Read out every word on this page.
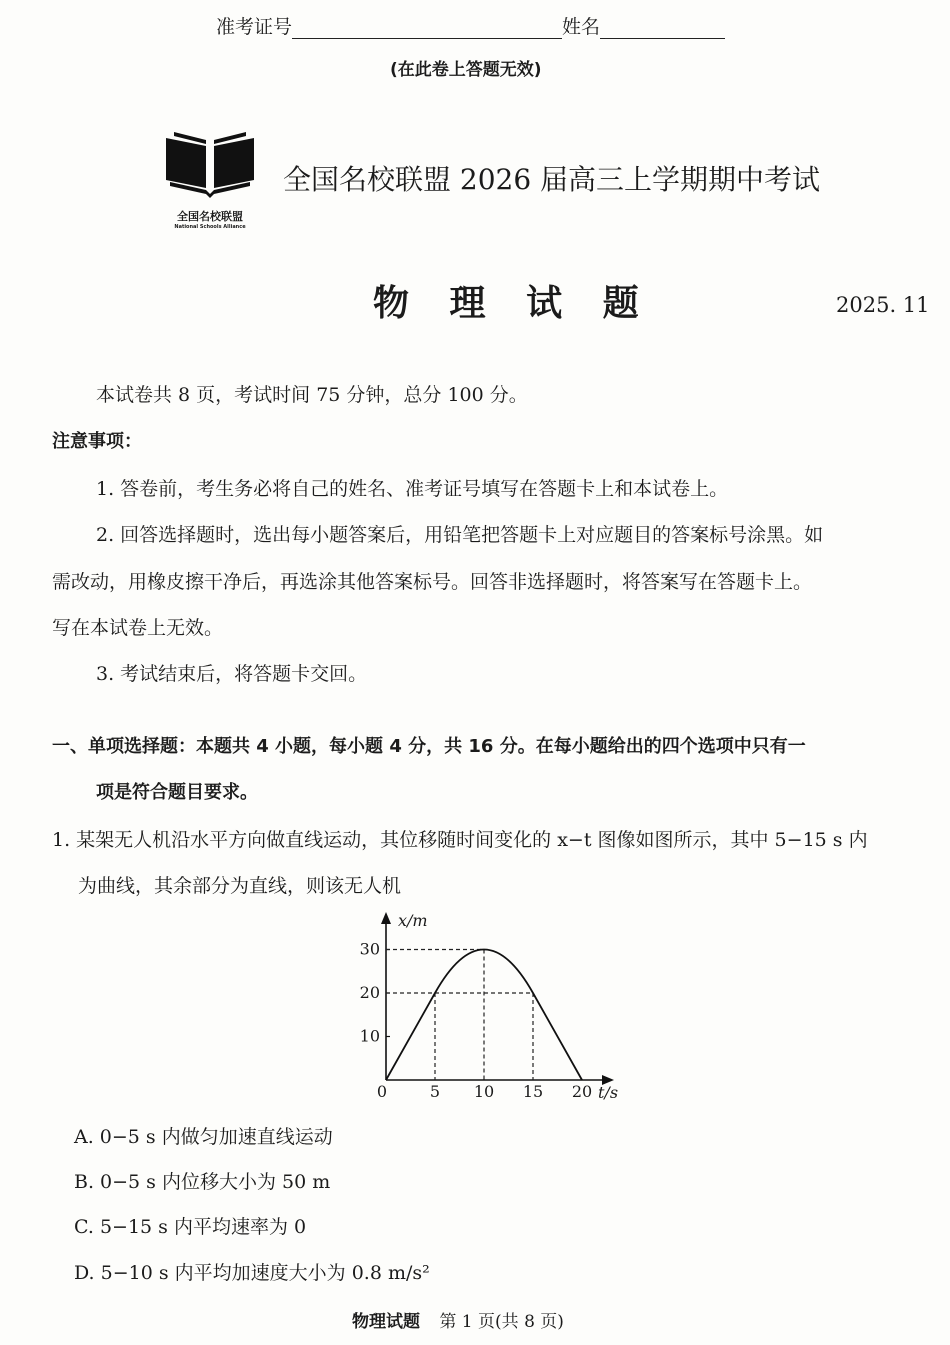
准考证号	姓名
(在此卷上答题无效)
全国名校联盟
National Schools Alliance
全国名校联盟 2026 届高三上学期期中考试
物 理 试 题	2025. 11
本试卷共 8 页，考试时间 75 分钟，总分 100 分。
注意事项：
1. 答卷前，考生务必将自己的姓名、准考证号填写在答题卡上和本试卷上。
2. 回答选择题时，选出每小题答案后，用铅笔把答题卡上对应题目的答案标号涂黑。如
需改动，用橡皮擦干净后，再选涂其他答案标号。回答非选择题时，将答案写在答题卡上。
写在本试卷上无效。
3. 考试结束后，将答题卡交回。
一、单项选择题：本题共 4 小题，每小题 4 分，共 16 分。在每小题给出的四个选项中只有一
项是符合题目要求。
1. 某架无人机沿水平方向做直线运动，其位移随时间变化的 x−t 图像如图所示，其中 5−15 s 内
为曲线，其余部分为直线，则该无人机
x/m
t/s
0	5 10 15 20
10
20
30
A. 0−5 s 内做匀加速直线运动
B. 0−5 s 内位移大小为 50 m
C. 5−15 s 内平均速率为 0
D. 5−10 s 内平均加速度大小为 0.8 m/s²
物理试题 第 1 页(共 8 页)
